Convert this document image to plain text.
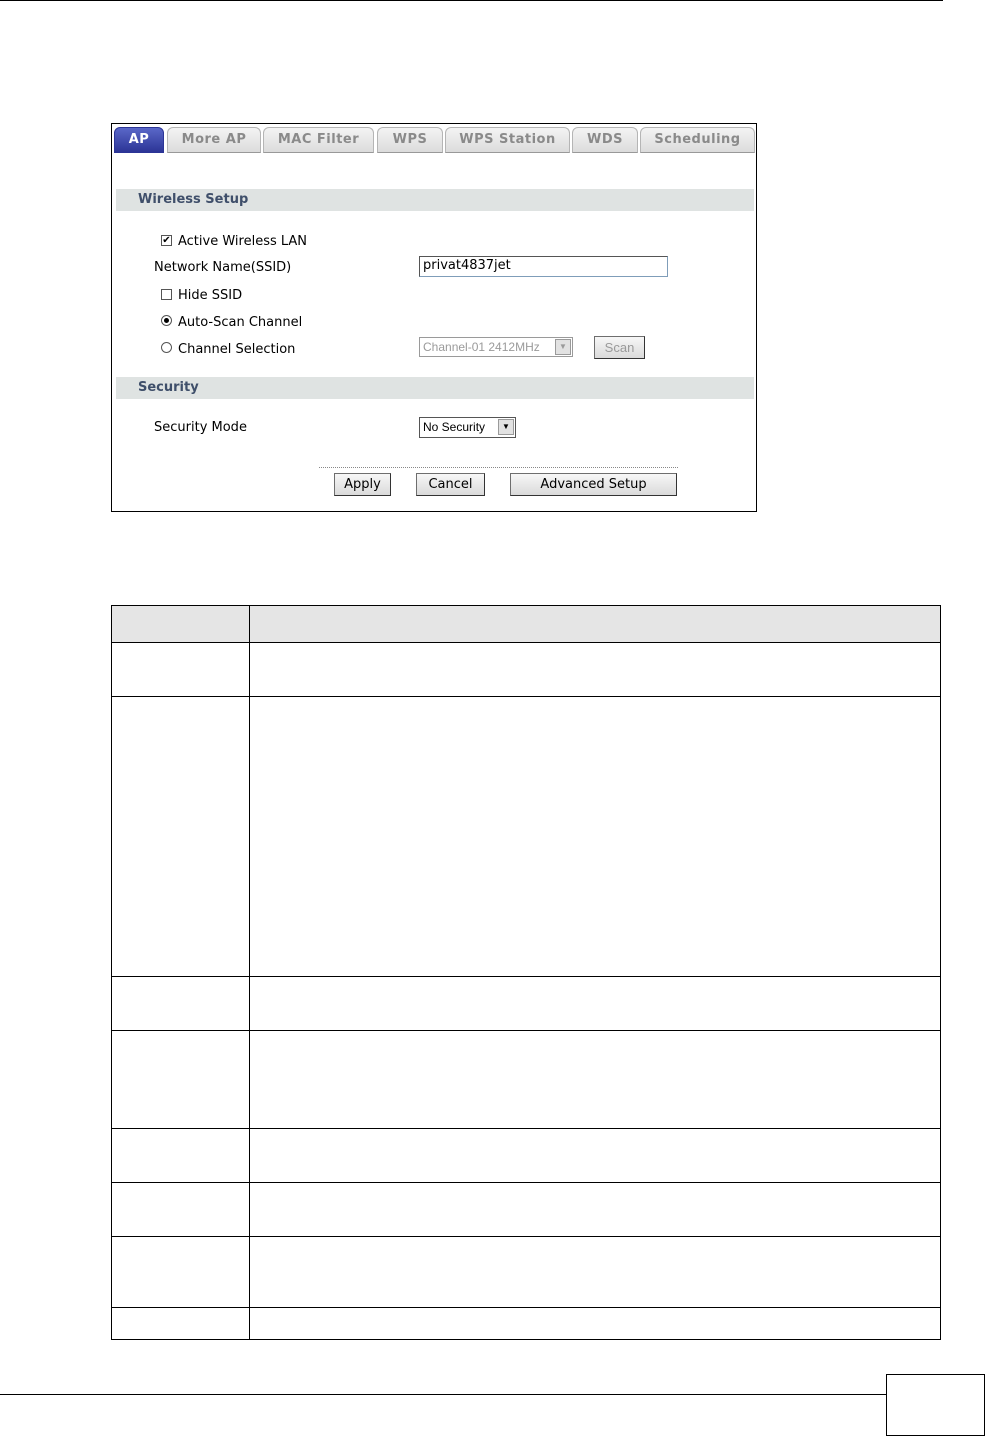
AP	More AP	MAC Filter	WPS	WPS Station	WDS	Scheduling
Wireless Setup
✔ Active Wireless LAN
Network Name(SSID)	privat4837jet
Hide SSID
Auto-Scan Channel
Channel Selection	Channel-01 2412MHz	▼	Scan
Security
Security Mode	No Security	▼
Apply	Cancel	Advanced Setup
